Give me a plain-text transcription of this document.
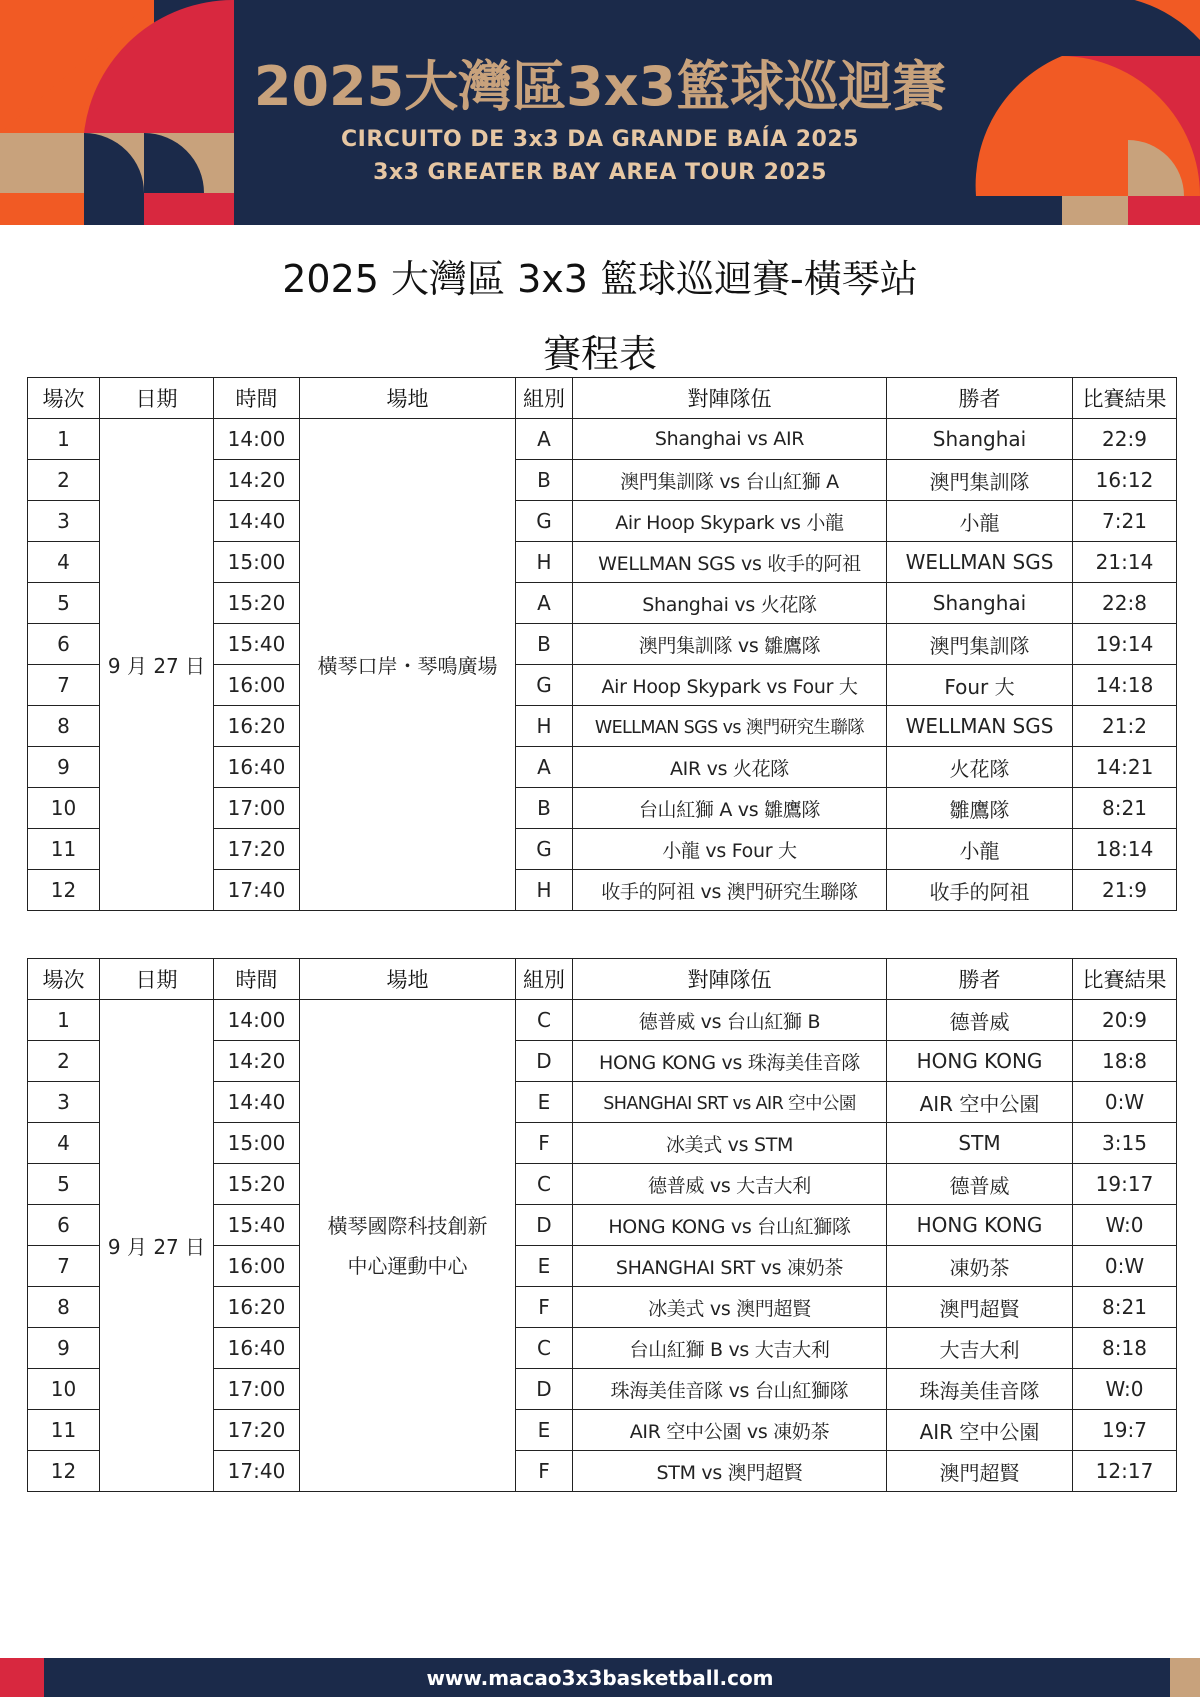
2025大灣區3x3籃球巡迴賽
CIRCUITO DE 3x3 DA GRANDE BAÍA 2025
3x3 GREATER BAY AREA TOUR 2025
2025 大灣區 3x3 籃球巡迴賽-橫琴站
賽程表
場次	日期	時間	場地	組別	對陣隊伍	勝者	比賽結果
1	9 月 27 日	14:00	橫琴口岸・琴鳴廣場	A	Shanghai vs AIR	Shanghai	22:9
2		14:20		B	澳門集訓隊 vs 台山紅獅 A	澳門集訓隊	16:12
3		14:40		G	Air Hoop Skypark vs 小龍	小龍	7:21
4		15:00		H	WELLMAN SGS vs 收手的阿祖	WELLMAN SGS	21:14
5		15:20		A	Shanghai vs 火花隊	Shanghai	22:8
6		15:40		B	澳門集訓隊 vs 雛鷹隊	澳門集訓隊	19:14
7		16:00		G	Air Hoop Skypark vs Four 大	Four 大	14:18
8		16:20		H	WELLMAN SGS vs 澳門研究生聯隊	WELLMAN SGS	21:2
9		16:40		A	AIR vs 火花隊	火花隊	14:21
10		17:00		B	台山紅獅 A vs 雛鷹隊	雛鷹隊	8:21
11		17:20		G	小龍 vs Four 大	小龍	18:14
12		17:40		H	收手的阿祖 vs 澳門研究生聯隊	收手的阿祖	21:9
場次	日期	時間	場地	組別	對陣隊伍	勝者	比賽結果
1	9 月 27 日	14:00	橫琴國際科技創新
中心運動中心	C	德普威 vs 台山紅獅 B	德普威	20:9
2		14:20		D	HONG KONG vs 珠海美佳音隊	HONG KONG	18:8
3		14:40		E	SHANGHAI SRT vs AIR 空中公園	AIR 空中公園	0:W
4		15:00		F	冰美式 vs STM	STM	3:15
5		15:20		C	德普威 vs 大吉大利	德普威	19:17
6		15:40		D	HONG KONG vs 台山紅獅隊	HONG KONG	W:0
7		16:00		E	SHANGHAI SRT vs 凍奶茶	凍奶茶	0:W
8		16:20		F	冰美式 vs 澳門超賢	澳門超賢	8:21
9		16:40		C	台山紅獅 B vs 大吉大利	大吉大利	8:18
10		17:00		D	珠海美佳音隊 vs 台山紅獅隊	珠海美佳音隊	W:0
11		17:20		E	AIR 空中公園 vs 凍奶茶	AIR 空中公園	19:7
12		17:40		F	STM vs 澳門超賢	澳門超賢	12:17
www.macao3x3basketball.com
